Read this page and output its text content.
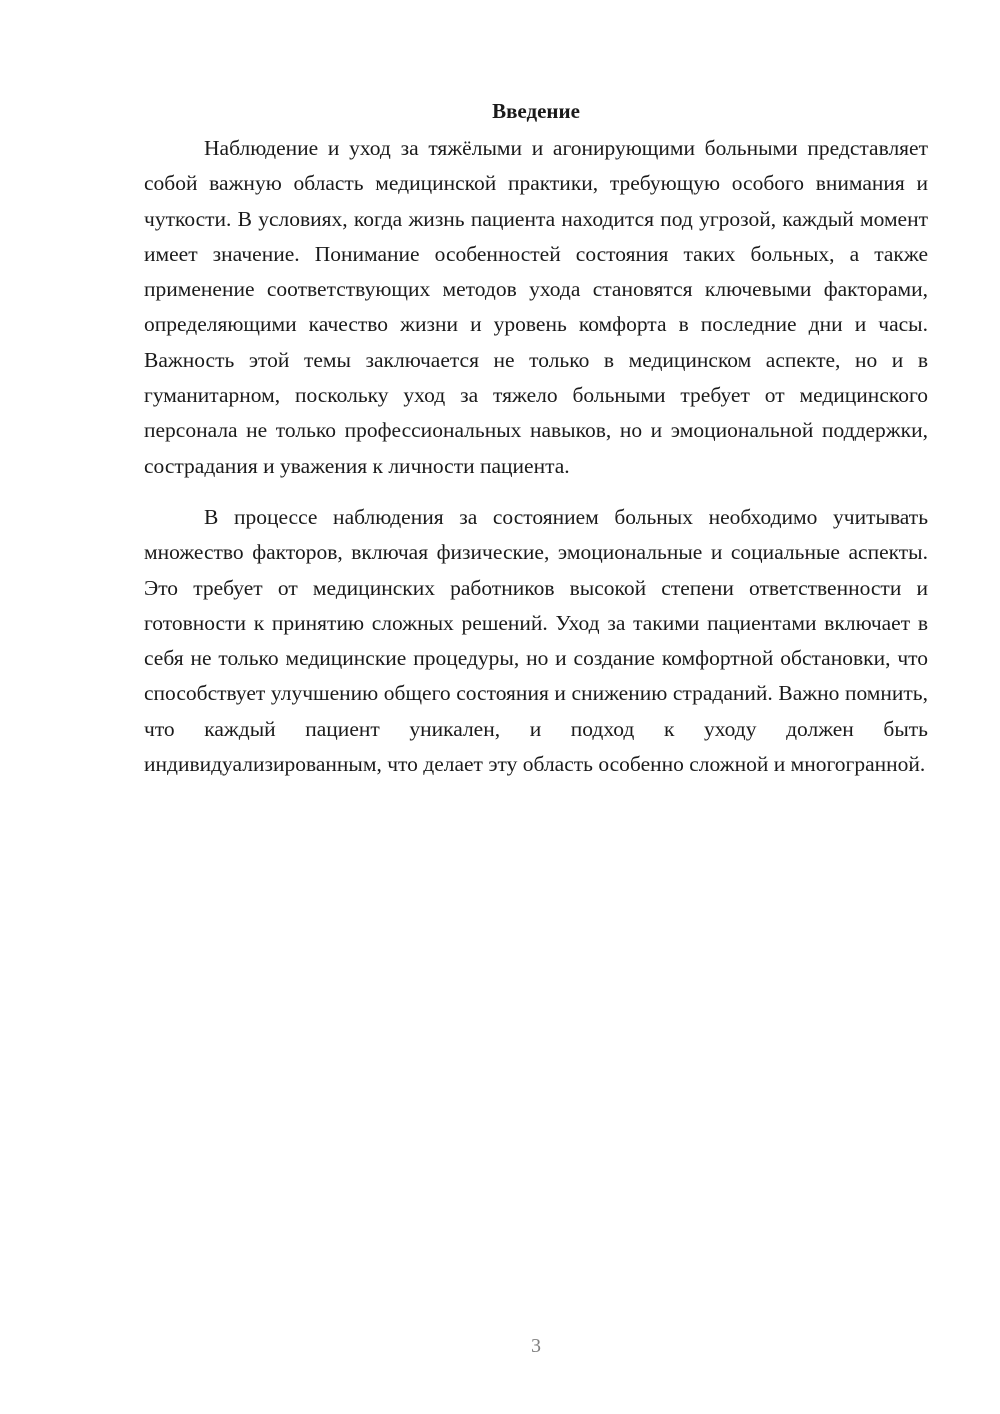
Введение

Наблюдение и уход за тяжёлыми и агонирующими больными представляет собой важную область медицинской практики, требующую особого внимания и чуткости. В условиях, когда жизнь пациента находится под угрозой, каждый момент имеет значение. Понимание особенностей состояния таких больных, а также применение соответствующих методов ухода становятся ключевыми факторами, определяющими качество жизни и уровень комфорта в последние дни и часы. Важность этой темы заключается не только в медицинском аспекте, но и в гуманитарном, поскольку уход за тяжело больными требует от медицинского персонала не только профессиональных навыков, но и эмоциональной поддержки, сострадания и уважения к личности пациента.

В процессе наблюдения за состоянием больных необходимо учитывать множество факторов, включая физические, эмоциональные и социальные аспекты. Это требует от медицинских работников высокой степени ответственности и готовности к принятию сложных решений. Уход за такими пациентами включает в себя не только медицинские процедуры, но и создание комфортной обстановки, что способствует улучшению общего состояния и снижению страданий. Важно помнить, что каждый пациент уникален, и подход к уходу должен быть индивидуализированным, что делает эту область особенно сложной и многогранной.

3
